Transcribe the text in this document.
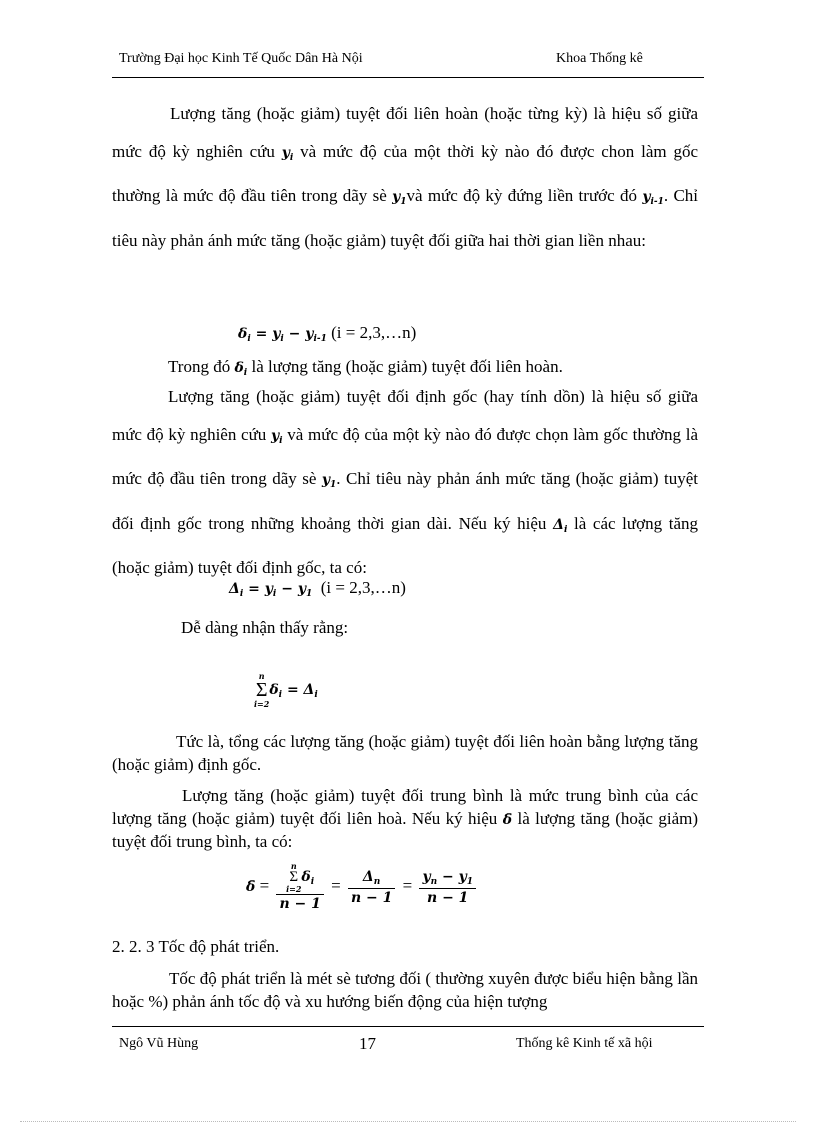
Trường Đại học Kinh Tế Quốc Dân Hà Nội	Khoa Thống kê
Lượng tăng (hoặc giảm) tuyệt đối liên hoàn (hoặc từng kỳ) là hiệu số giữa mức độ kỳ nghiên cứu $y_i$ và mức độ của một thời kỳ nào đó được chon làm gốc thường là mức độ đầu tiên trong dãy sè $y_1và$ mức độ kỳ đứng liền trước đó $y_{i-1}$. Chỉ tiêu này phản ánh mức tăng (hoặc giảm) tuyệt đối giữa hai thời gian liền nhau:
$\delta_i = y_i - y_{i-1}$ (i = 2,3,…n)
Trong đó $\delta_i$ là lượng tăng (hoặc giảm) tuyệt đối liên hoàn.
Lượng tăng (hoặc giảm) tuyệt đối định gốc (hay tính dồn) là hiệu số giữa mức độ kỳ nghiên cứu $y_i$ và mức độ của một kỳ nào đó được chọn làm gốc thường là mức độ đầu tiên trong dãy sè $y_1$. Chỉ tiêu này phản ánh mức tăng (hoặc giảm) tuyệt đối định gốc trong những khoảng thời gian dài. Nếu ký hiệu $\Delta_i$ là các lượng tăng (hoặc giảm) tuyệt đối định gốc, ta có:
$\Delta_i = y_i - y_1$ (i = 2,3,…n)
Dễ dàng nhận thấy rằng:
n
Σ
i=2
$\delta_i = \Delta_i$
Tức là, tổng các lượng tăng (hoặc giảm) tuyệt đối liên hoàn bằng lượng tăng (hoặc giảm) định gốc.
Lượng tăng (hoặc giảm) tuyệt đối trung bình là mức trung bình của các lượng tăng (hoặc giảm) tuyệt đối liên hoà. Nếu ký hiệu δ̄ là lượng tăng (hoặc giảm) tuyệt đối trung bình, ta có:
δ̄ = n
Σ
i=2
$\delta_i$
$n - 1 = \frac{\Delta_n}{n - 1} = \frac{y_n - y_1}{n - 1}$
2. 2. 3 Tốc độ phát triển.
Tốc độ phát triển là mét sè tương đối ( thường xuyên được biểu hiện bằng lần hoặc %) phản ánh tốc độ và xu hướng biến động của hiện tượng
Ngô Vũ Hùng	17	Thống kê Kinh tế xã hội
